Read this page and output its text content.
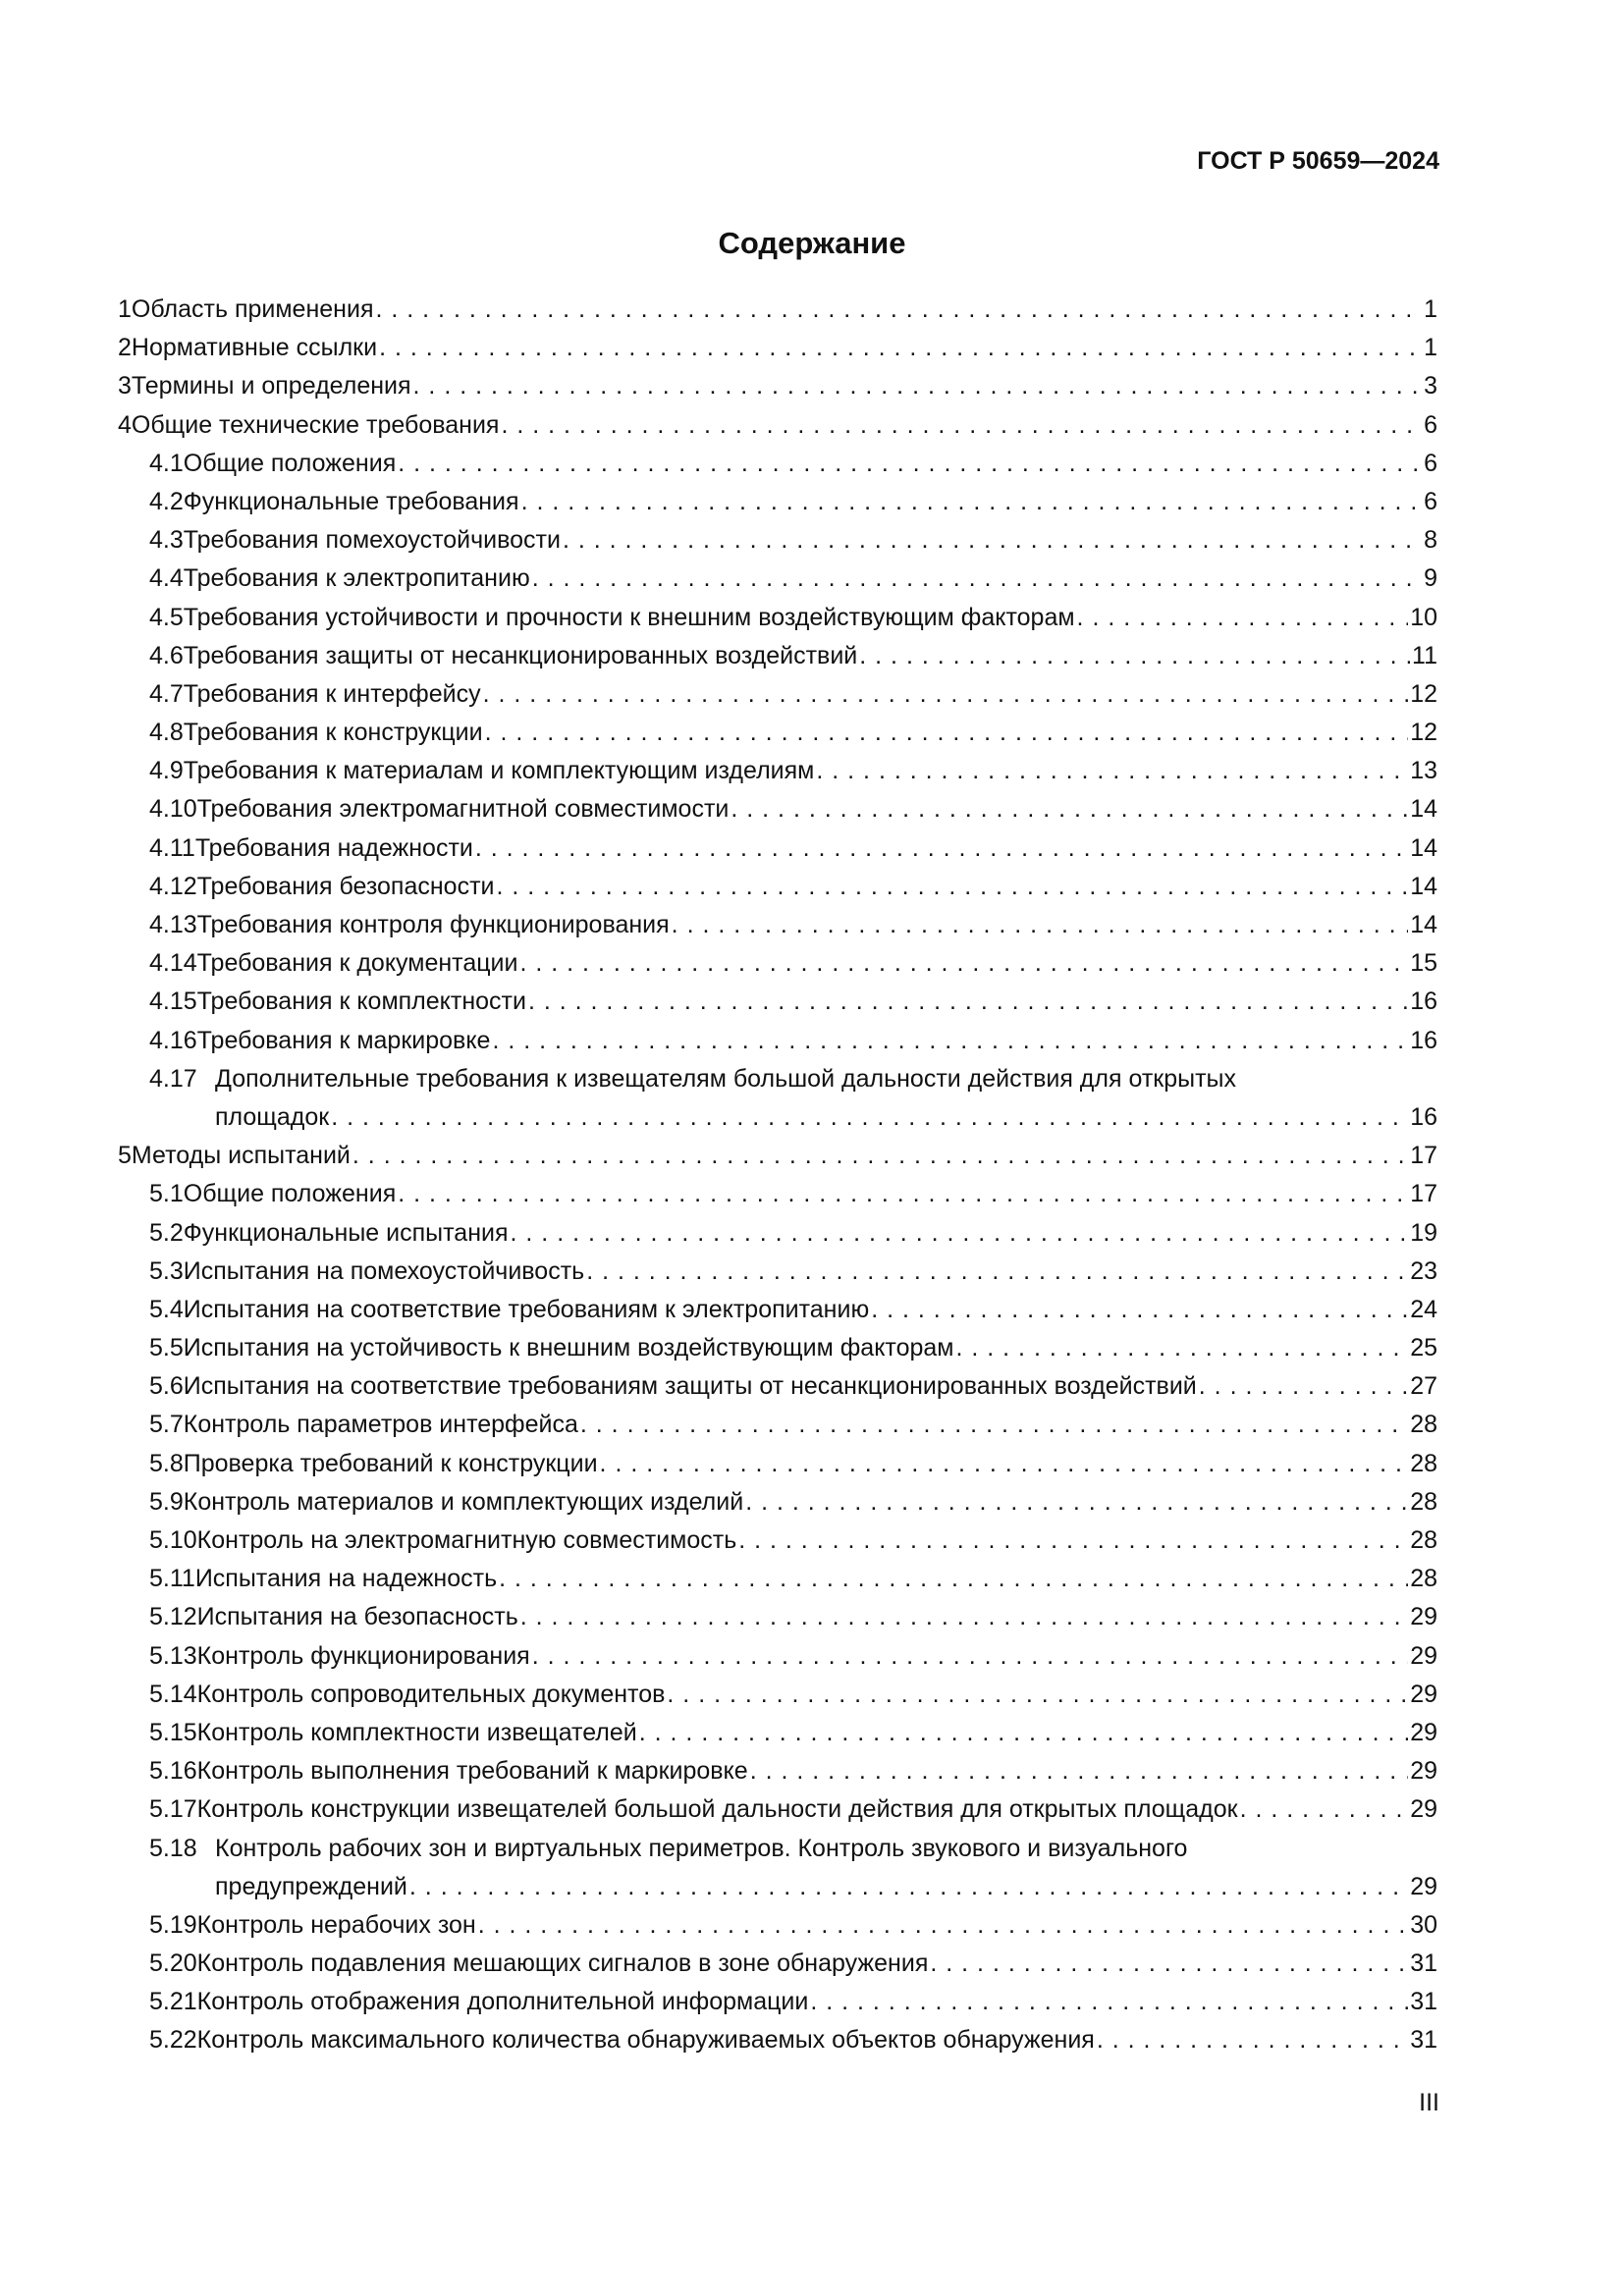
ГОСТ Р 50659—2024
Содержание
1 Область применения . . .	1
2 Нормативные ссылки . . .	1
3 Термины и определения . . .	3
4 Общие технические требования . . .	6
4.1 Общие положения . . .	6
4.2 Функциональные требования . . .	6
4.3 Требования помехоустойчивости . . .	8
4.4 Требования к электропитанию . . .	9
4.5 Требования устойчивости и прочности к внешним воздействующим факторам . . .	10
4.6 Требования защиты от несанкционированных воздействий . . .	11
4.7 Требования к интерфейсу . . .	12
4.8 Требования к конструкции . . .	12
4.9 Требования к материалам и комплектующим изделиям . . .	13
4.10 Требования электромагнитной совместимости . . .	14
4.11 Требования надежности . . .	14
4.12 Требования безопасности . . .	14
4.13 Требования контроля функционирования . . .	14
4.14 Требования к документации . . .	15
4.15 Требования к комплектности . . .	16
4.16 Требования к маркировке . . .	16
4.17 Дополнительные требования к извещателям большой дальности действия для открытых
площадок . . .	16
5 Методы испытаний . . .	17
5.1 Общие положения . . .	17
5.2 Функциональные испытания . . .	19
5.3 Испытания на помехоустойчивость . . .	23
5.4 Испытания на соответствие требованиям к электропитанию . . .	24
5.5 Испытания на устойчивость к внешним воздействующим факторам . . .	25
5.6 Испытания на соответствие требованиям защиты от несанкционированных воздействий . . .	27
5.7 Контроль параметров интерфейса . . .	28
5.8 Проверка требований к конструкции . . .	28
5.9 Контроль материалов и комплектующих изделий . . .	28
5.10 Контроль на электромагнитную совместимость . . .	28
5.11 Испытания на надежность . . .	28
5.12 Испытания на безопасность . . .	29
5.13 Контроль функционирования . . .	29
5.14 Контроль сопроводительных документов . . .	29
5.15 Контроль комплектности извещателей . . .	29
5.16 Контроль выполнения требований к маркировке . . .	29
5.17 Контроль конструкции извещателей большой дальности действия для открытых площадок . . .	29
5.18 Контроль рабочих зон и виртуальных периметров. Контроль звукового и визуального
предупреждений . . .	29
5.19 Контроль нерабочих зон . . .	30
5.20 Контроль подавления мешающих сигналов в зоне обнаружения . . .	31
5.21 Контроль отображения дополнительной информации . . .	31
5.22 Контроль максимального количества обнаруживаемых объектов обнаружения . . .	31
III
